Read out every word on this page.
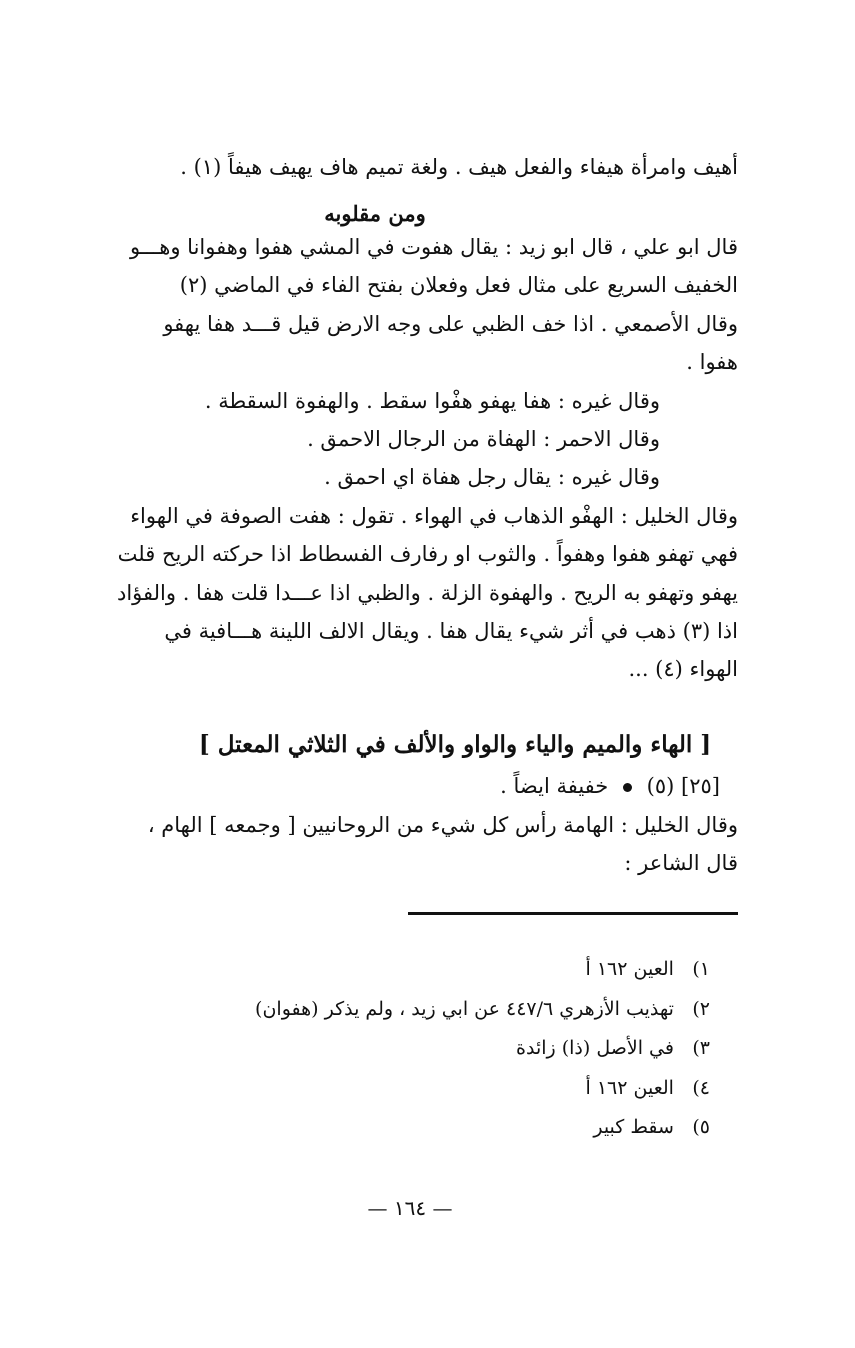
أهيف وامرأة هيفاء والفعل هيف . ولغة تميم هاف يهيف هيفاً (١) .
ومن مقلوبه
قال ابو علي ، قال ابو زيد : يقال هفوت في المشي هفوا وهفوانا وهـــو
الخفيف السريع على مثال فعل وفعلان بفتح الفاء في الماضي (٢)
وقال الأصمعي . اذا خف الظبي على وجه الارض قيل قـــد هفا يهفو
هفوا .
وقال غيره : هفا يهفو هفْوا سقط . والهفوة السقطة .
وقال الاحمر : الهفاة من الرجال الاحمق .
وقال غيره : يقال رجل هفاة اي احمق .
وقال الخليل : الهفْو الذهاب في الهواء . تقول : هفت الصوفة في الهواء
فهي تهفو هفوا وهفواً . والثوب او رفارف الفسطاط اذا حركته الريح قلت
يهفو وتهفو به الريح . والهفوة الزلة . والظبي اذا عـــدا قلت هفا . والفؤاد
اذا (٣) ذهب في أثر شيء يقال هفا . ويقال الالف اللينة هـــافية في
الهواء (٤) ...
[ الهاء والميم والياء والواو والألف في الثلاثي المعتل ]
[٢٥] (٥)  خفيفة ايضاً .
وقال الخليل : الهامة رأس كل شيء من الروحانيين [ وجمعه ] الهام ،
قال الشاعر :
١) العين ١٦٢ أ
٢) تهذيب الأزهري ٤٤٧/٦ عن ابي زيد ، ولم يذكر (هفوان)
٣) في الأصل (ذا) زائدة
٤) العين ١٦٢ أ
٥) سقط كبير
— ١٦٤ —
